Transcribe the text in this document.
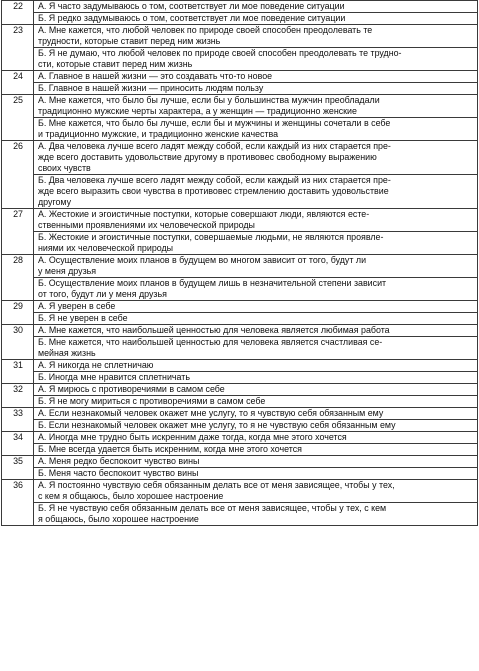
22	А. Я часто задумываюсь о том, соответствует ли мое поведение ситуации
	Б. Я редко задумываюсь о том, соответствует ли мое поведение ситуации
23	А. Мне кажется, что любой человек по природе своей способен преодолевать те
трудности, которые ставит перед ним жизнь
	Б. Я не думаю, что любой человек по природе своей способен преодолевать те трудно-
сти, которые ставит перед ним жизнь
24	А. Главное в нашей жизни — это создавать что-то новое
	Б. Главное в нашей жизни — приносить людям пользу
25	А. Мне кажется, что было бы лучше, если бы у большинства мужчин преобладали
традиционно мужские черты характера, а у женщин — традиционно женские
	Б. Мне кажется, что было бы лучше, если бы и мужчины и женщины сочетали в себе
и традиционно мужские, и традиционно женские качества
26	А. Два человека лучше всего ладят между собой, если каждый из них старается пре-
жде всего доставить удовольствие другому в противовес свободному выражению
своих чувств
	Б. Два человека лучше всего ладят между собой, если каждый из них старается пре-
жде всего выразить свои чувства в противовес стремлению доставить удовольствие
другому
27	А. Жестокие и эгоистичные поступки, которые совершают люди, являются есте-
ственными проявлениями их человеческой природы
	Б. Жестокие и эгоистичные поступки, совершаемые людьми, не являются проявле-
ниями их человеческой природы
28	А. Осуществление моих планов в будущем во многом зависит от того, будут ли
у меня друзья
	Б. Осуществление моих планов в будущем лишь в незначительной степени зависит
от того, будут ли у меня друзья
29	А. Я уверен в себе
	Б. Я не уверен в себе
30	А. Мне кажется, что наибольшей ценностью для человека является любимая работа
	Б. Мне кажется, что наибольшей ценностью для человека является счастливая се-
мейная жизнь
31	А. Я никогда не сплетничаю
	Б. Иногда мне нравится сплетничать
32	А. Я мирюсь с противоречиями в самом себе
	Б. Я не могу мириться с противоречиями в самом себе
33	А. Если незнакомый человек окажет мне услугу, то я чувствую себя обязанным ему
	Б. Если незнакомый человек окажет мне услугу, то я не чувствую себя обязанным ему
34	А. Иногда мне трудно быть искренним даже тогда, когда мне этого хочется
	Б. Мне всегда удается быть искренним, когда мне этого хочется
35	А. Меня редко беспокоит чувство вины
	Б. Меня часто беспокоит чувство вины
36	А. Я постоянно чувствую себя обязанным делать все от меня зависящее, чтобы у тех,
с кем я общаюсь, было хорошее настроение
	Б. Я не чувствую себя обязанным делать все от меня зависящее, чтобы у тех, с кем
я общаюсь, было хорошее настроение
